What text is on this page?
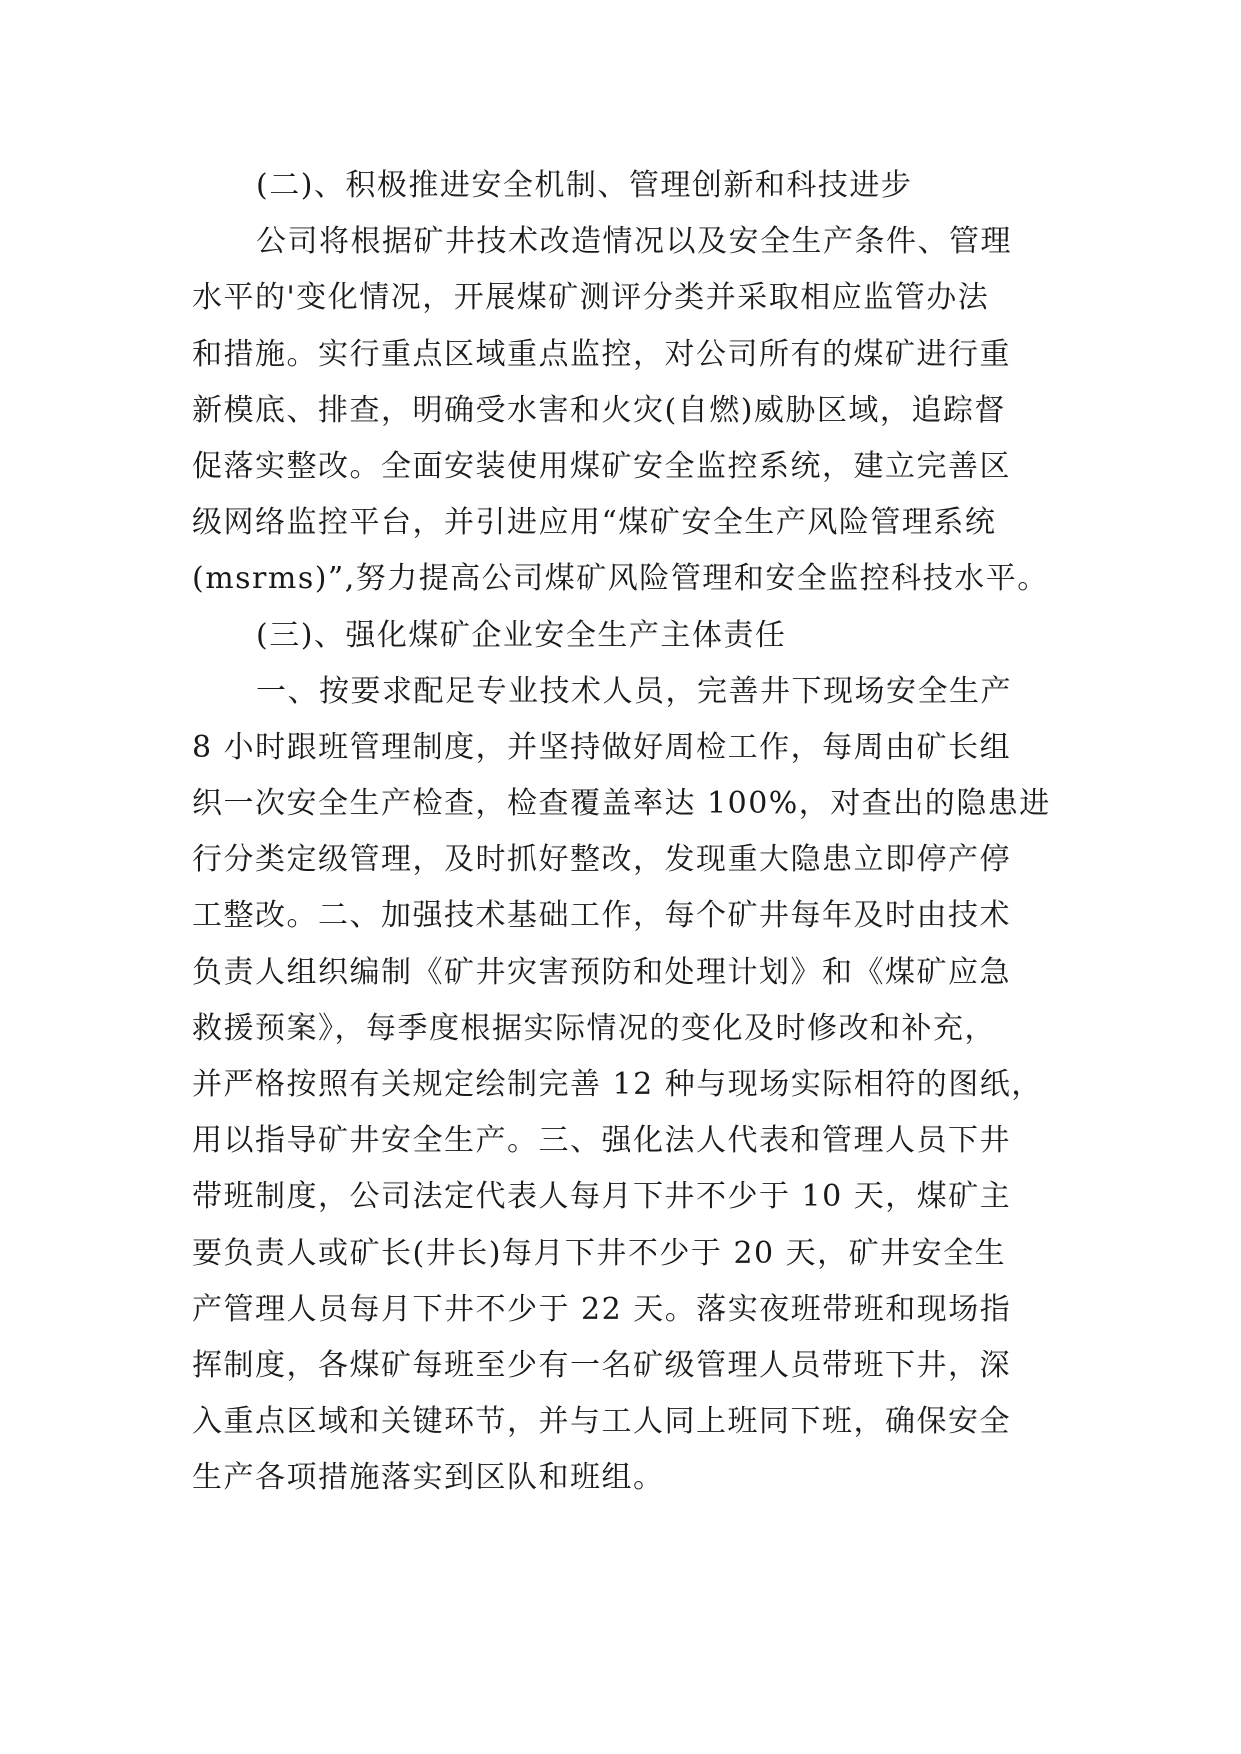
(二)、积极推进安全机制、管理创新和科技进步
公司将根据矿井技术改造情况以及安全生产条件、管理
水平的'变化情况，开展煤矿测评分类并采取相应监管办法
和措施。实行重点区域重点监控，对公司所有的煤矿进行重
新模底、排查，明确受水害和火灾(自燃)威胁区域，追踪督
促落实整改。全面安装使用煤矿安全监控系统，建立完善区
级网络监控平台，并引进应用“煤矿安全生产风险管理系统
(msrms)”,努力提高公司煤矿风险管理和安全监控科技水平。
(三)、强化煤矿企业安全生产主体责任
一、按要求配足专业技术人员，完善井下现场安全生产
8 小时跟班管理制度，并坚持做好周检工作，每周由矿长组
织一次安全生产检查，检查覆盖率达 100%，对查出的隐患进
行分类定级管理，及时抓好整改，发现重大隐患立即停产停
工整改。二、加强技术基础工作，每个矿井每年及时由技术
负责人组织编制《矿井灾害预防和处理计划》和《煤矿应急
救援预案》，每季度根据实际情况的变化及时修改和补充，
并严格按照有关规定绘制完善 12 种与现场实际相符的图纸，
用以指导矿井安全生产。三、强化法人代表和管理人员下井
带班制度，公司法定代表人每月下井不少于 10 天，煤矿主
要负责人或矿长(井长)每月下井不少于 20 天，矿井安全生
产管理人员每月下井不少于 22 天。落实夜班带班和现场指
挥制度，各煤矿每班至少有一名矿级管理人员带班下井，深
入重点区域和关键环节，并与工人同上班同下班，确保安全
生产各项措施落实到区队和班组。
